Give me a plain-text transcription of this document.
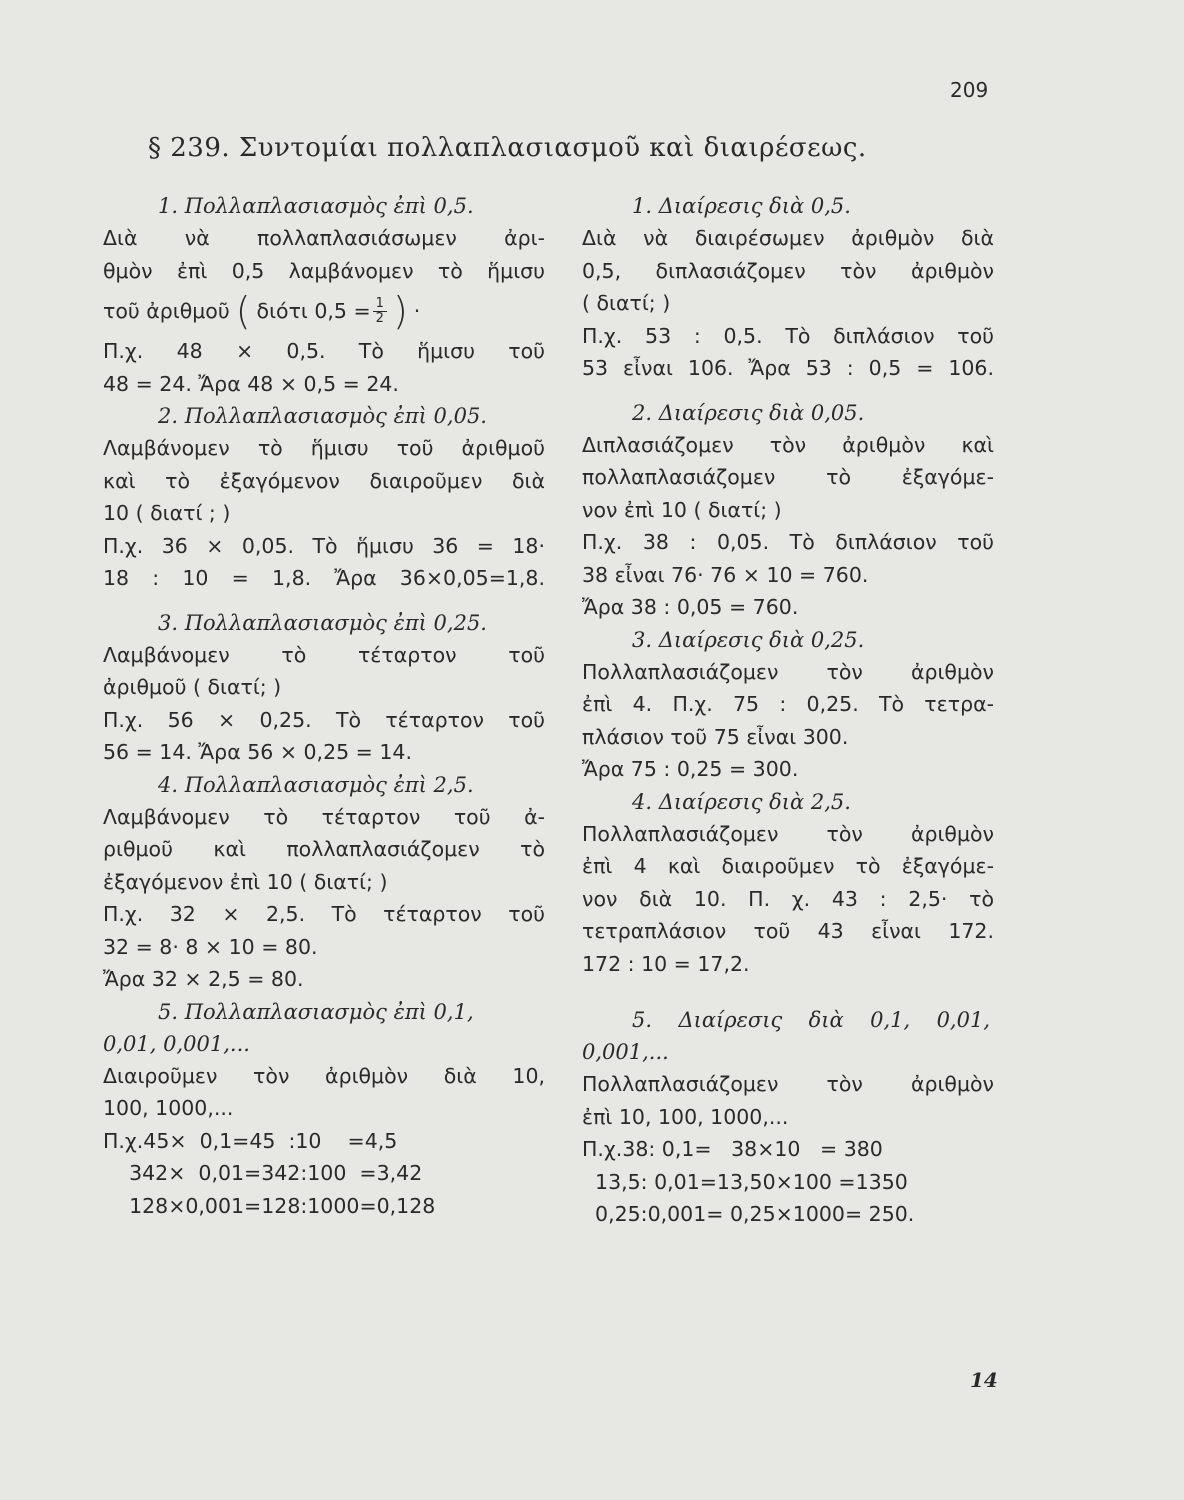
209
§ 239. Συντομίαι πολλαπλασιασμοῦ καὶ διαιρέσεως.
1. Πολλαπλασιασμὸς ἐπὶ 0,5.
Διὰ νὰ πολλαπλασιάσωμεν ἀρι-
θμὸν ἐπὶ 0,5 λαμβάνομεν τὸ ἥμισυ
τοῦ ἀριθμοῦ ( διότι $0,5 = \frac{1}{2}$ ) ·
Π.χ. 48 × 0,5. Τὸ ἥμισυ τοῦ
48 = 24. Ἄρα 48 × 0,5 = 24.
2. Πολλαπλασιασμὸς ἐπὶ 0,05.
Λαμβάνομεν τὸ ἥμισυ τοῦ ἀριθμοῦ
καὶ τὸ ἐξαγόμενον διαιροῦμεν διὰ
10 ( διατί ; )
Π.χ. 36 × 0,05. Τὸ ἥμισυ 36 = 18·
18 : 10 = 1,8. Ἄρα 36×0,05=1,8.
3. Πολλαπλασιασμὸς ἐπὶ 0,25.
Λαμβάνομεν τὸ τέταρτον τοῦ
ἀριθμοῦ ( διατί; )
Π.χ. 56 × 0,25. Τὸ τέταρτον τοῦ
56 = 14. Ἄρα 56 × 0,25 = 14.
4. Πολλαπλασιασμὸς ἐπὶ 2,5.
Λαμβάνομεν τὸ τέταρτον τοῦ ἀ-
ριθμοῦ καὶ πολλαπλασιάζομεν τὸ
ἐξαγόμενον ἐπὶ 10 ( διατί; )
Π.χ. 32 × 2,5. Τὸ τέταρτον τοῦ
32 = 8· 8 × 10 = 80.
Ἄρα 32 × 2,5 = 80.
5. Πολλαπλασιασμὸς ἐπὶ 0,1,
0,01, 0,001,...
Διαιροῦμεν τὸν ἀριθμὸν διὰ 10,
100, 1000,...
Π.χ.45×  0,1=45  :10    =4,5
342×  0,01=342:100  =3,42
128×0,001=128:1000=0,128
1. Διαίρεσις διὰ 0,5.
Διὰ νὰ διαιρέσωμεν ἀριθμὸν διὰ
0,5, διπλασιάζομεν τὸν ἀριθμὸν
( διατί; )
Π.χ. 53 : 0,5. Τὸ διπλάσιον τοῦ
53 εἶναι 106. Ἄρα 53 : 0,5 = 106.
2. Διαίρεσις διὰ 0,05.
Διπλασιάζομεν τὸν ἀριθμὸν καὶ
πολλαπλασιάζομεν τὸ ἐξαγόμε-
νον ἐπὶ 10 ( διατί; )
Π.χ. 38 : 0,05. Τὸ διπλάσιον τοῦ
38 εἶναι 76· 76 × 10 = 760.
Ἄρα 38 : 0,05 = 760.
3. Διαίρεσις διὰ 0,25.
Πολλαπλασιάζομεν τὸν ἀριθμὸν
ἐπὶ 4. Π.χ. 75 : 0,25. Τὸ τετρα-
πλάσιον τοῦ 75 εἶναι 300.
Ἄρα 75 : 0,25 = 300.
4. Διαίρεσις διὰ 2,5.
Πολλαπλασιάζομεν τὸν ἀριθμὸν
ἐπὶ 4 καὶ διαιροῦμεν τὸ ἐξαγόμε-
νον διὰ 10. Π. χ. 43 : 2,5· τὸ
τετραπλάσιον τοῦ 43 εἶναι 172.
172 : 10 = 17,2.
5. Διαίρεσις διὰ 0,1, 0,01,
0,001,...
Πολλαπλασιάζομεν τὸν ἀριθμὸν
ἐπὶ 10, 100, 1000,...
Π.χ.38: 0,1=   38×10   = 380
13,5: 0,01=13,50×100 =1350
0,25:0,001= 0,25×1000= 250.
14
